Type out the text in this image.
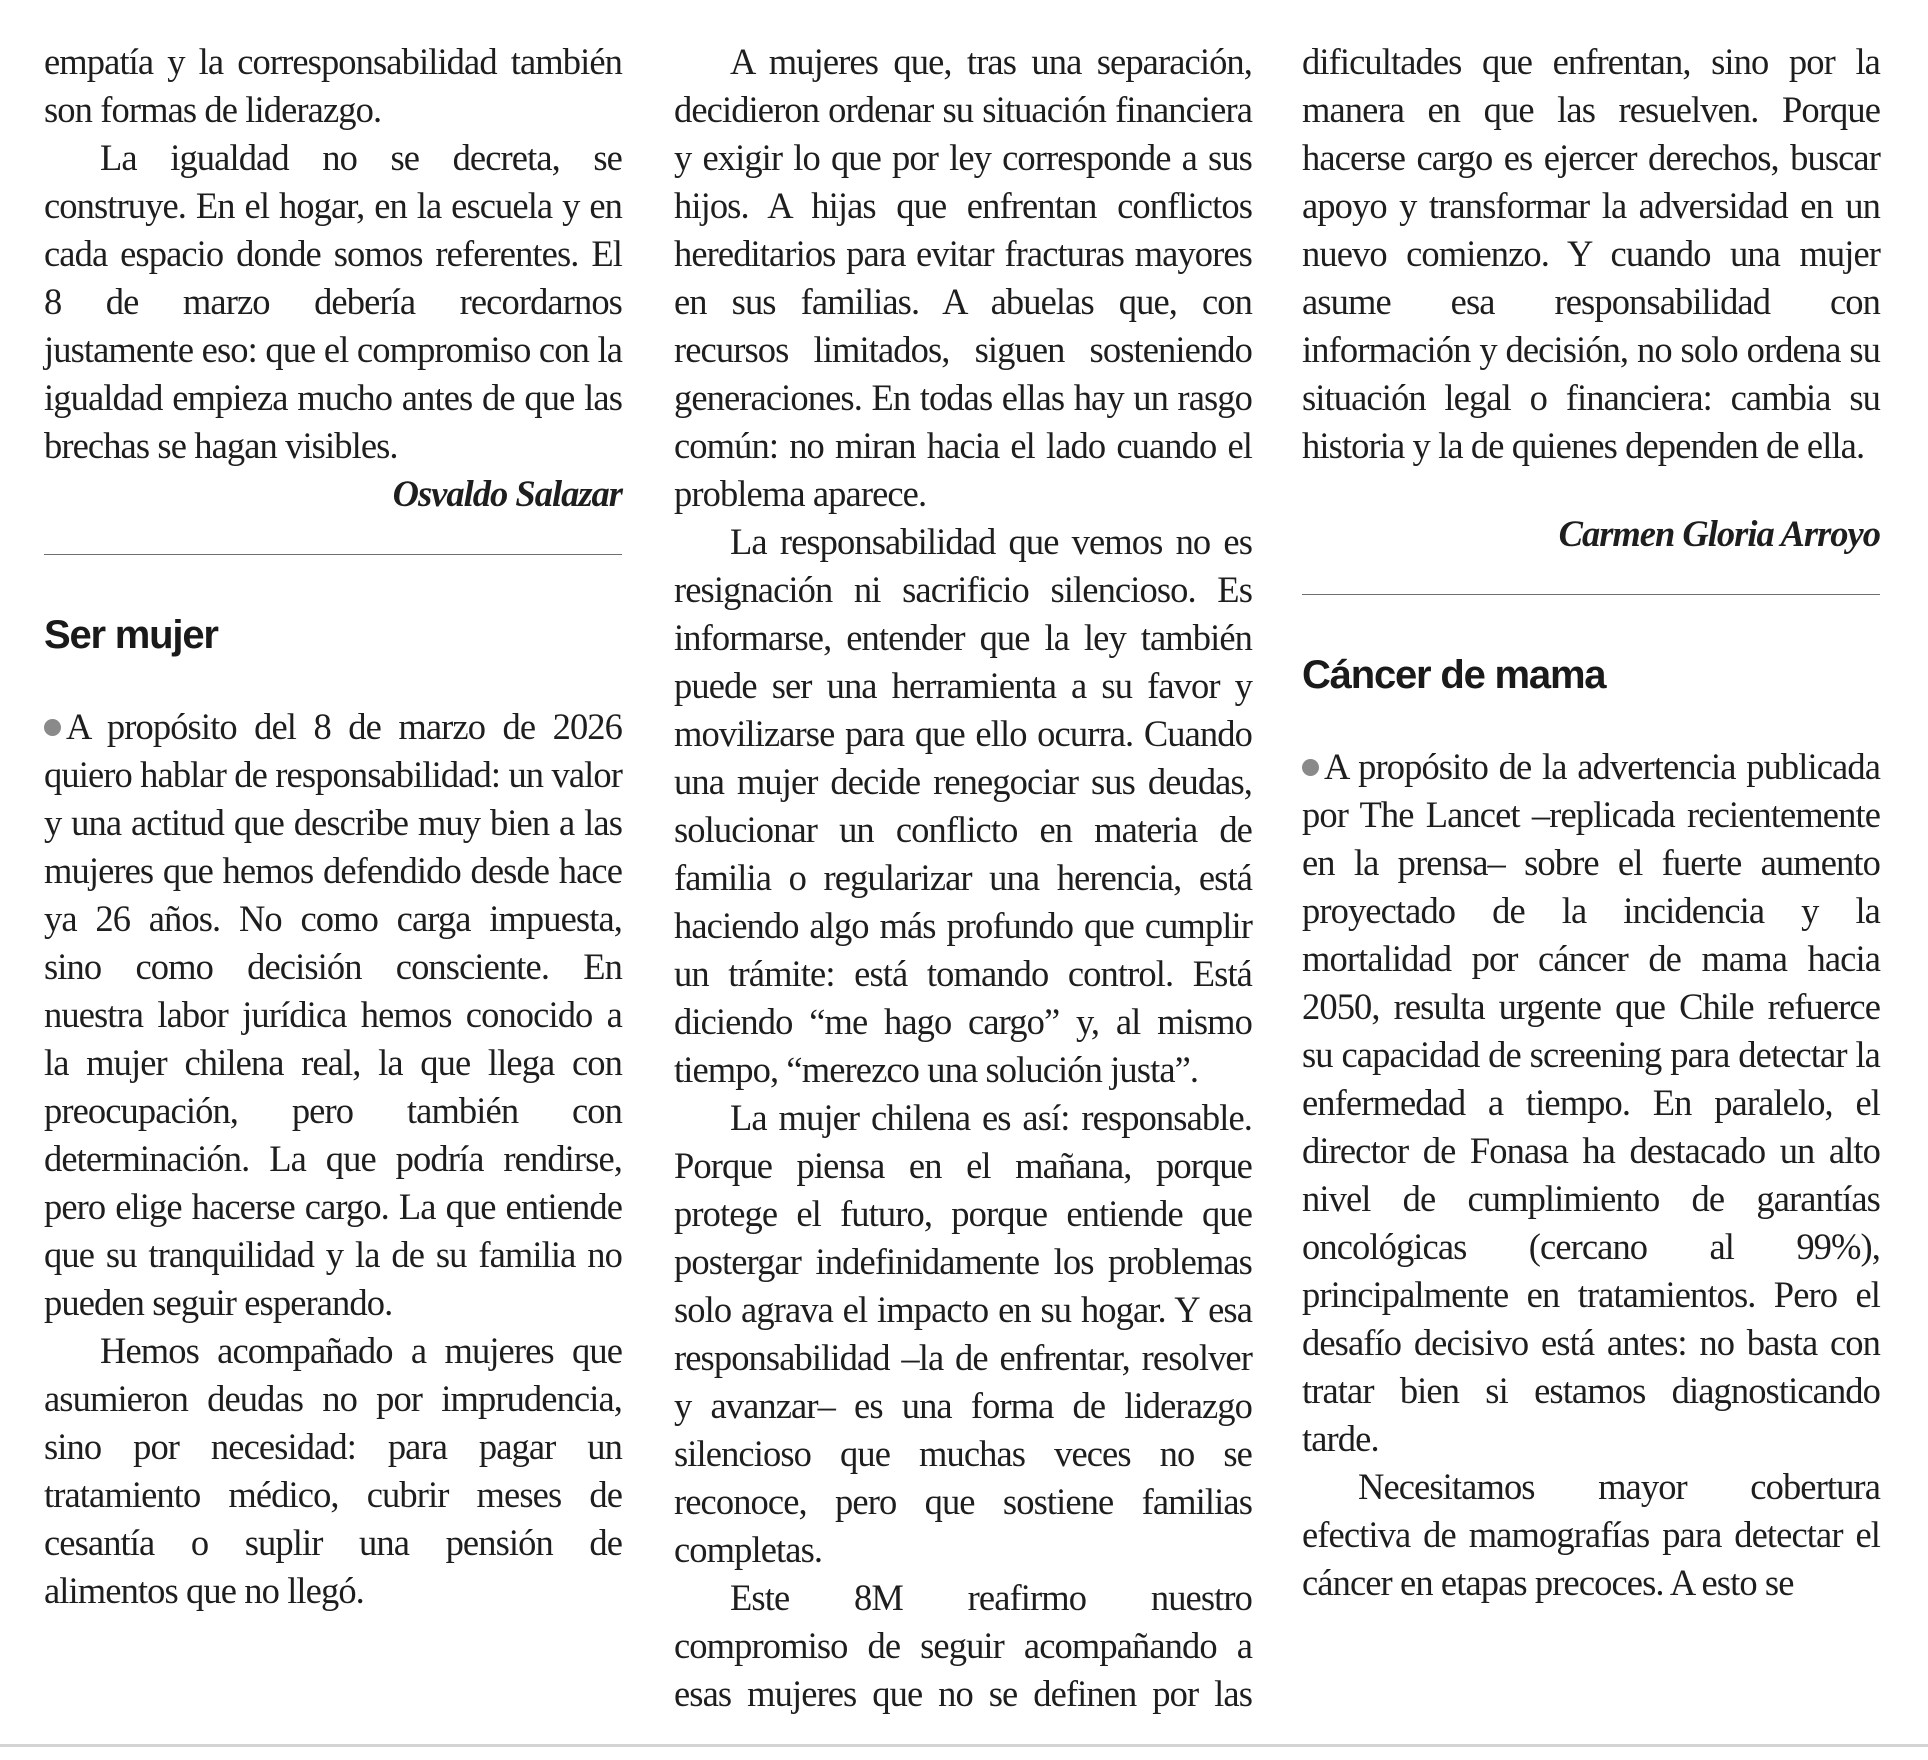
empatía y la corresponsabilidad también son formas de liderazgo.

La igualdad no se decreta, se construye. En el hogar, en la escuela y en cada espacio donde somos referentes. El 8 de marzo debería recordarnos justamente eso: que el compromiso con la igualdad empieza mucho antes de que las brechas se hagan visibles.

Osvaldo Salazar

Ser mujer

A propósito del 8 de marzo de 2026 quiero hablar de responsabilidad: un valor y una actitud que describe muy bien a las mujeres que hemos defendido desde hace ya 26 años. No como carga impuesta, sino como decisión consciente. En nuestra labor jurídica hemos conocido a la mujer chilena real, la que llega con preocupación, pero también con determinación. La que podría rendirse, pero elige hacerse cargo. La que entiende que su tranquilidad y la de su familia no pueden seguir esperando.

Hemos acompañado a mujeres que asumieron deudas no por imprudencia, sino por necesidad: para pagar un tratamiento médico, cubrir meses de cesantía o suplir una pensión de alimentos que no llegó.

A mujeres que, tras una separación, decidieron ordenar su situación financiera y exigir lo que por ley corresponde a sus hijos. A hijas que enfrentan conflictos hereditarios para evitar fracturas mayores en sus familias. A abuelas que, con recursos limitados, siguen sosteniendo generaciones. En todas ellas hay un rasgo común: no miran hacia el lado cuando el problema aparece.

La responsabilidad que vemos no es resignación ni sacrificio silencioso. Es informarse, entender que la ley también puede ser una herramienta a su favor y movilizarse para que ello ocurra. Cuando una mujer decide renegociar sus deudas, solucionar un conflicto en materia de familia o regularizar una herencia, está haciendo algo más profundo que cumplir un trámite: está tomando control. Está diciendo “me hago cargo” y, al mismo tiempo, “merezco una solución justa”.

La mujer chilena es así: responsable. Porque piensa en el mañana, porque protege el futuro, porque entiende que postergar indefinidamente los problemas solo agrava el impacto en su hogar. Y esa responsabilidad –la de enfrentar, resolver y avanzar– es una forma de liderazgo silencioso que muchas veces no se reconoce, pero que sostiene familias completas.

Este 8M reafirmo nuestro compromiso de seguir acompañando a esas mujeres que no se definen por las

dificultades que enfrentan, sino por la manera en que las resuelven. Porque hacerse cargo es ejercer derechos, buscar apoyo y transformar la adversidad en un nuevo comienzo. Y cuando una mujer asume esa responsabilidad con información y decisión, no solo ordena su situación legal o financiera: cambia su historia y la de quienes dependen de ella.

Carmen Gloria Arroyo

Cáncer de mama

A propósito de la advertencia publicada por The Lancet –replicada recientemente en la prensa– sobre el fuerte aumento proyectado de la incidencia y la mortalidad por cáncer de mama hacia 2050, resulta urgente que Chile refuerce su capacidad de screening para detectar la enfermedad a tiempo. En paralelo, el director de Fonasa ha destacado un alto nivel de cumplimiento de garantías oncológicas (cercano al 99%), principalmente en tratamientos. Pero el desafío decisivo está antes: no basta con tratar bien si estamos diagnosticando tarde.

Necesitamos mayor cobertura efectiva de mamografías para detectar el cáncer en etapas precoces. A esto se
